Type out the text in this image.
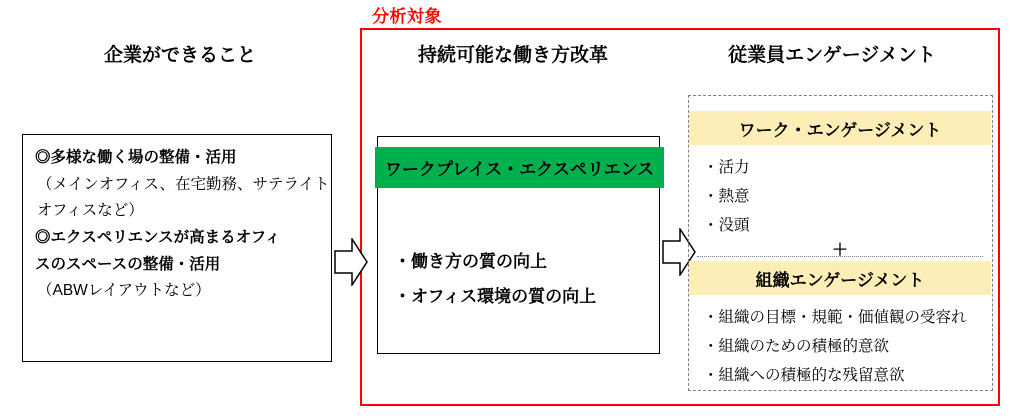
分析対象
企業ができること	持続可能な働き方改革	従業員エンゲージメント
◎多様な働く場の整備・活用
（メインオフィス、在宅勤務、サテライト
オフィスなど）
◎エクスペリエンスが高まるオフィ
スのスペースの整備・活用
（ABWレイアウトなど）
ワークプレイス・エクスペリエンス
・働き方の質の向上
・オフィス環境の質の向上
ワーク・エンゲージメント
・活力
・熱意
・没頭
＋
組織エンゲージメント
・組織の目標・規範・価値観の受容れ
・組織のための積極的意欲
・組織への積極的な残留意欲
